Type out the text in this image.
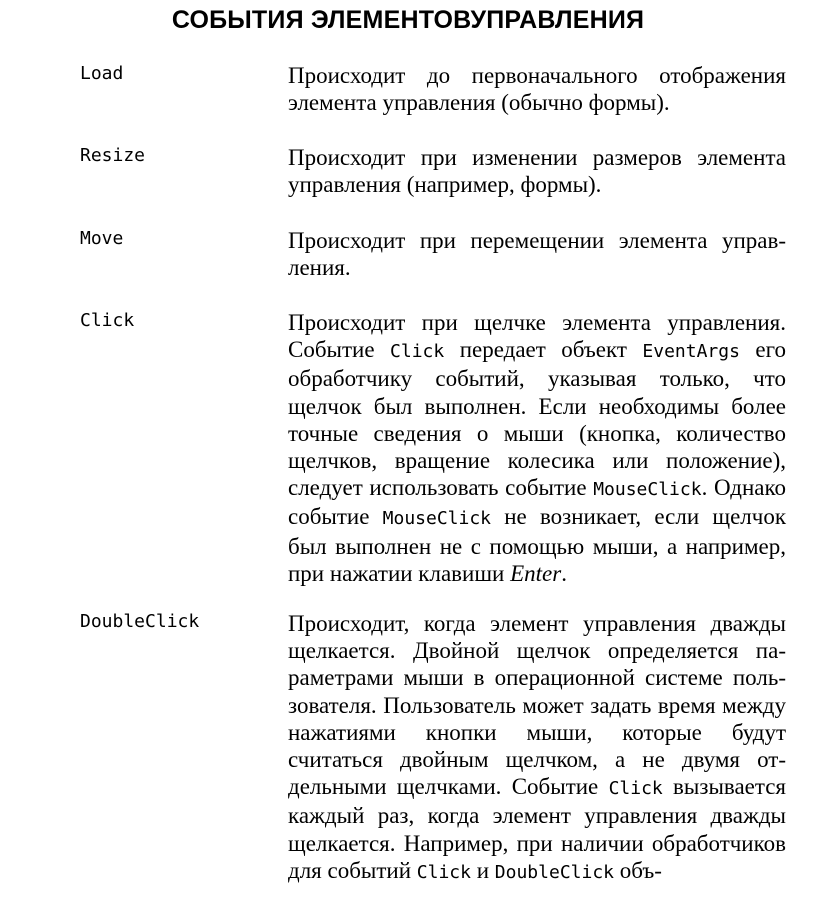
СОБЫТИЯ ЭЛЕМЕНТОВУПРАВЛЕНИЯ
Load	Происходит до первоначального отображения элемента управления (обычно формы).
Resize	Происходит при изменении размеров элемента управления (например, формы).
Move	Происходит при перемещении элемента управления.
Click	Происходит при щелчке элемента управления. Событие Click передает объект EventArgs его обработчику событий, указывая только, что щелчок был выполнен. Если необходимы более точные сведения о мыши (кнопка, количество щелчков, вращение колесика или положение), следует использовать событие MouseClick. Однако событие MouseClick не возникает, если щелчок был выполнен не с помощью мыши, а например, при нажатии клавиши Enter.
DoubleClick	Происходит, когда элемент управления дважды щелкается. Двойной щелчок определяется параметрами мыши в операционной системе пользователя. Пользователь может задать время между нажатиями кнопки мыши, которые будут считаться двойным щелчком, а не двумя отдельными щелчками. Событие Click вызывается каждый раз, когда элемент управления дважды щелкается. Например, при наличии обработчиков для событий Click и DoubleClick объ-
